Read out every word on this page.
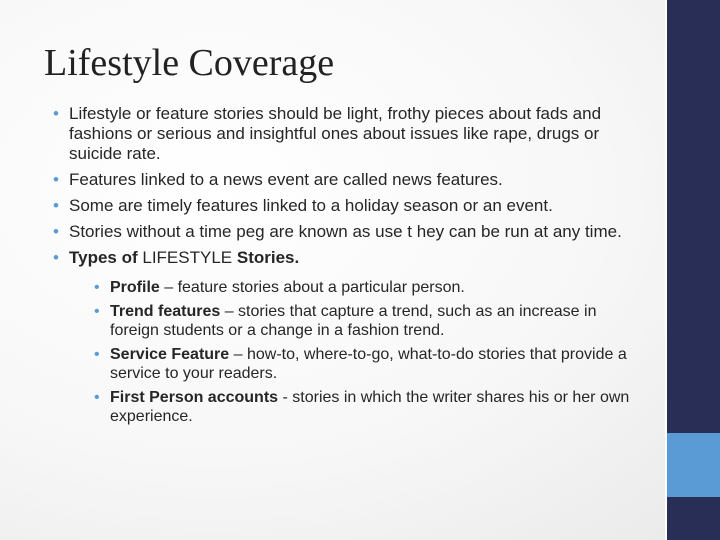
Lifestyle Coverage
• Lifestyle or feature stories should be light, frothy pieces about fads and fashions or serious and insightful ones about issues like rape, drugs or suicide rate.
• Features linked to a news event are called news features.
• Some are timely features linked to a holiday season or an event.
• Stories without a time peg are known as use t hey can be run at any time.
• Types of LIFESTYLE Stories.
• Profile – feature stories about a particular person.
• Trend features – stories that capture a trend, such as an increase in foreign students or a change in a fashion trend.
• Service Feature – how-to, where-to-go, what-to-do stories that provide a service to your readers.
• First Person accounts - stories in which the writer shares his or her own experience.
